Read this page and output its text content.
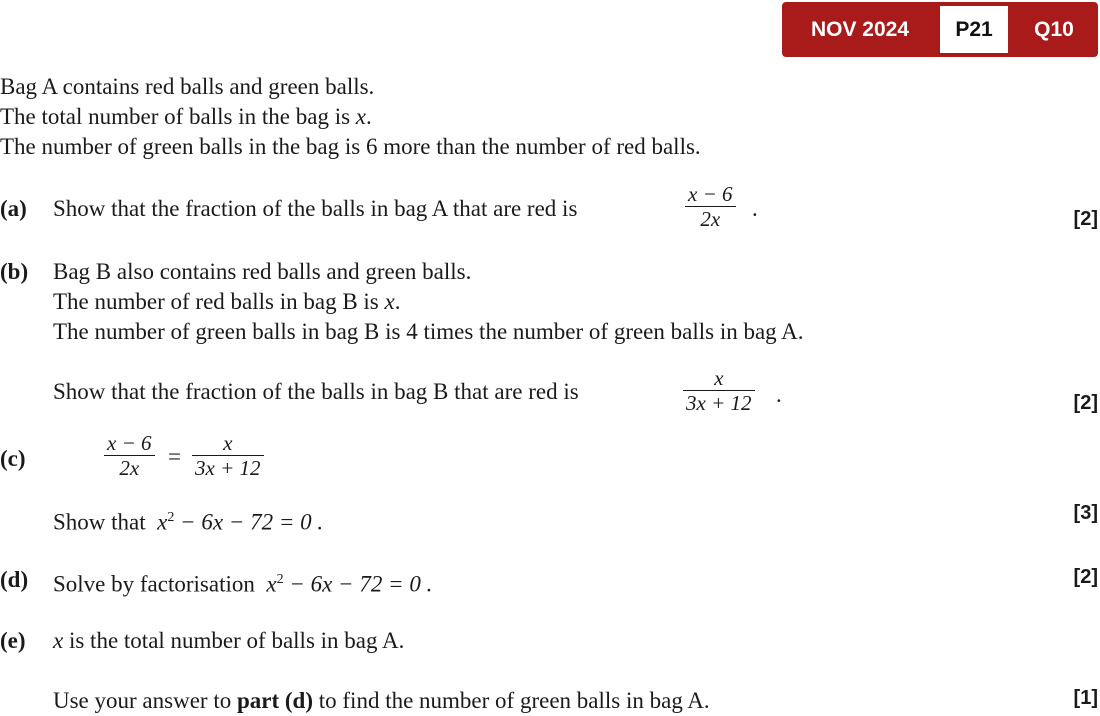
NOV 2024	P21	Q10
Bag A contains red balls and green balls.
The total number of balls in the bag is x.
The number of green balls in the bag is 6 more than the number of red balls.
(a) Show that the fraction of the balls in bag A that are red is	$\frac{x - 6}{2x}$ .	[2]
(b) Bag B also contains red balls and green balls.
The number of red balls in bag B is x.
The number of green balls in bag B is 4 times the number of green balls in bag A.
Show that the fraction of the balls in bag B that are red is	$\frac{x}{3x + 12}$ .	[2]
(c)	$\frac{x - 6}{2x} = \frac{x}{3x + 12}$
Show that $x^2 - 6x - 72 = 0$ .	[3]
(d) Solve by factorisation $x^2 - 6x - 72 = 0$ .	[2]
(e) x is the total number of balls in bag A.
Use your answer to part (d) to find the number of green balls in bag A.	[1]
